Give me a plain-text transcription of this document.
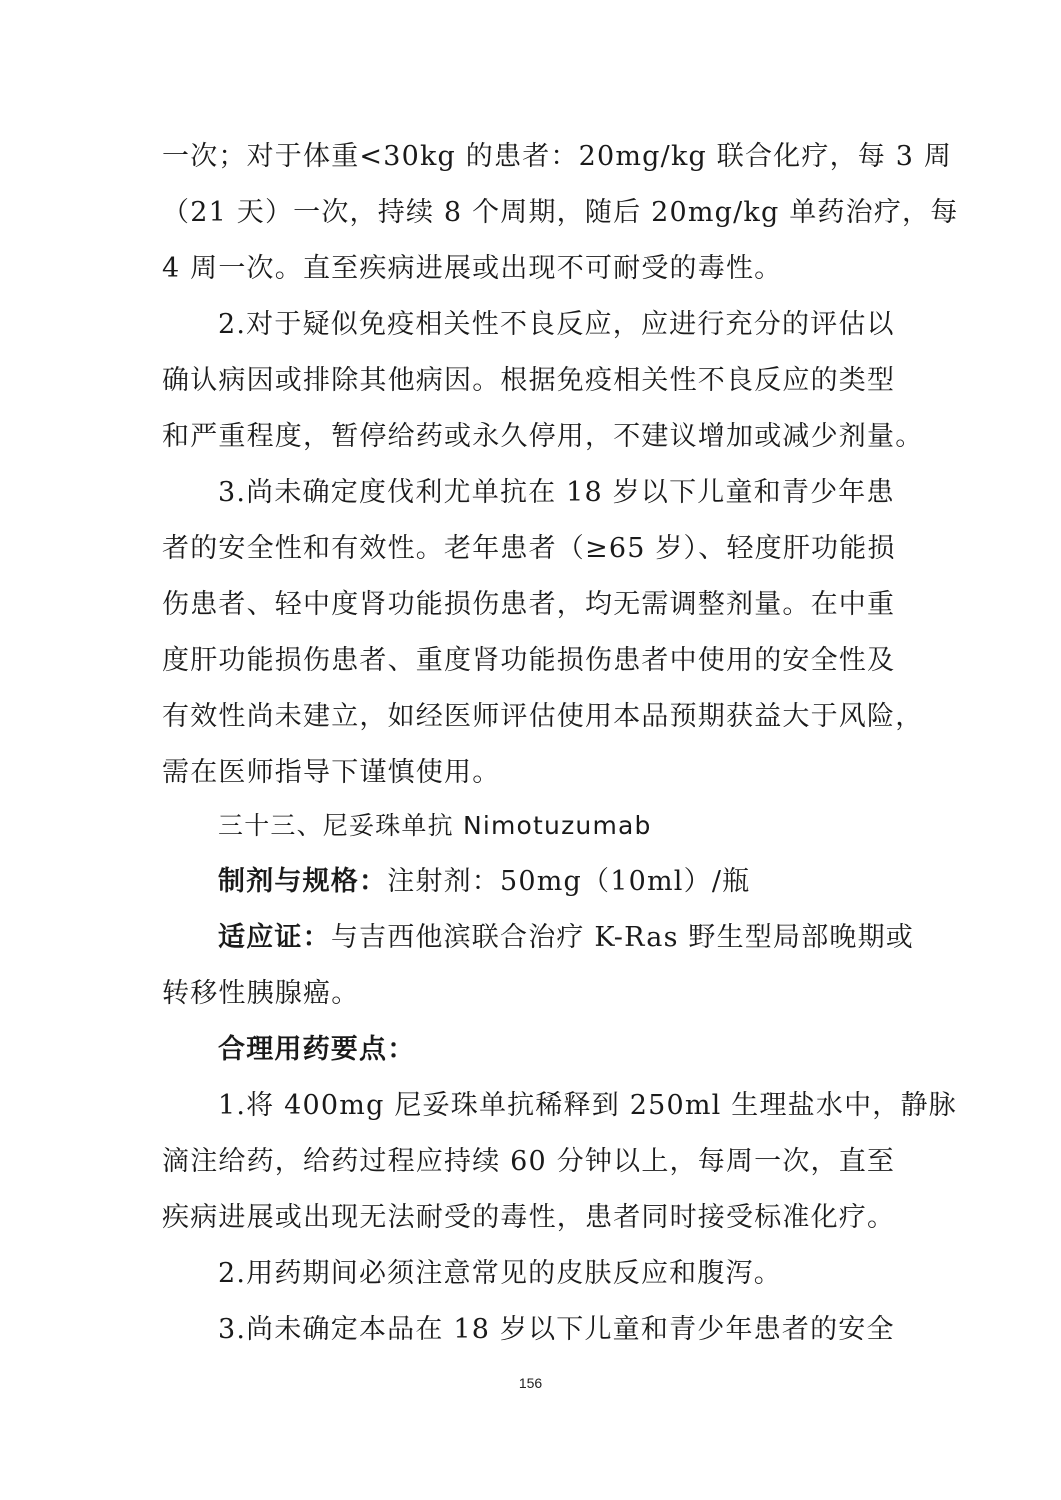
一次；对于体重<30kg 的患者：20mg/kg 联合化疗，每 3 周
（21 天）一次，持续 8 个周期，随后 20mg/kg 单药治疗，每
4 周一次。直至疾病进展或出现不可耐受的毒性。
2.对于疑似免疫相关性不良反应，应进行充分的评估以
确认病因或排除其他病因。根据免疫相关性不良反应的类型
和严重程度，暂停给药或永久停用，不建议增加或减少剂量。
3.尚未确定度伐利尤单抗在 18 岁以下儿童和青少年患
者的安全性和有效性。老年患者（≥65 岁）、轻度肝功能损
伤患者、轻中度肾功能损伤患者，均无需调整剂量。在中重
度肝功能损伤患者、重度肾功能损伤患者中使用的安全性及
有效性尚未建立，如经医师评估使用本品预期获益大于风险，
需在医师指导下谨慎使用。
三十三、尼妥珠单抗 Nimotuzumab
制剂与规格：注射剂：50mg（10ml）/瓶
适应证：与吉西他滨联合治疗 K-Ras 野生型局部晚期或
转移性胰腺癌。
合理用药要点：
1.将 400mg 尼妥珠单抗稀释到 250ml 生理盐水中，静脉
滴注给药，给药过程应持续 60 分钟以上，每周一次，直至
疾病进展或出现无法耐受的毒性，患者同时接受标准化疗。
2.用药期间必须注意常见的皮肤反应和腹泻。
3.尚未确定本品在 18 岁以下儿童和青少年患者的安全
156
